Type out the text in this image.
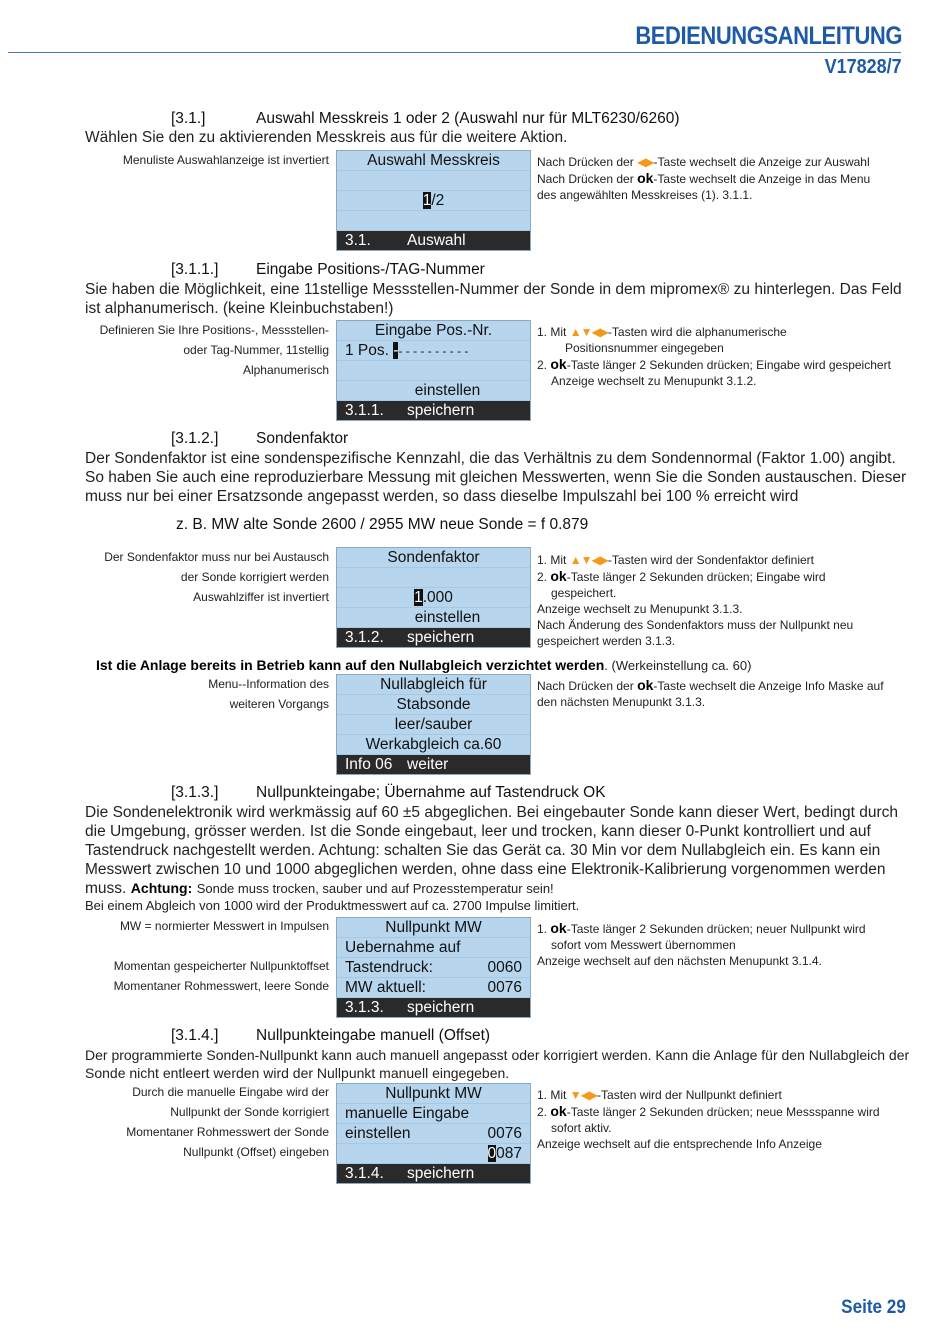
BEDIENUNGSANLEITUNG
V17828/7
[3.1.]	Auswahl Messkreis 1 oder 2 (Auswahl nur für MLT6230/6260)
Wählen Sie den zu aktivierenden Messkreis aus für die weitere Aktion.
Menuliste Auswahlanzeige ist invertiert	Auswahl Messkreis
1/2
3.1. Auswahl
Nach Drücken der ◀▶-Taste wechselt die Anzeige zur Auswahl
Nach Drücken der ok-Taste wechselt die Anzeige in das Menu
des angewählten Messkreises (1). 3.1.1.
[3.1.1.] Eingabe Positions-/TAG-Nummer
Sie haben die Möglichkeit, eine 11stellige Messstellen-Nummer der Sonde in dem mipromex® zu hinterlegen. Das Feld ist alphanumerisch. (keine Kleinbuchstaben!)
Definieren Sie Ihre Positions-, Messstellen-
oder Tag-Nummer, 11stellig
Alphanumerisch
Eingabe Pos.-Nr.
1 Pos. -- - - - - - - - - -
einstellen
3.1.1. speichern
1. Mit ▲▼◀▶-Tasten wird die alphanumerische
Positionsnummer eingegeben
2. ok-Taste länger 2 Sekunden drücken; Eingabe wird gespeichert
Anzeige wechselt zu Menupunkt 3.1.2.
[3.1.2.] Sondenfaktor
Der Sondenfaktor ist eine sondenspezifische Kennzahl, die das Verhältnis zu dem Sondennormal (Faktor 1.00) angibt. So haben Sie auch eine reproduzierbare Messung mit gleichen Messwerten, wenn Sie die Sonden austauschen. Dieser muss nur bei einer Ersatzsonde angepasst werden, so dass dieselbe Impulszahl bei 100 % erreicht wird
z. B. MW alte Sonde 2600 / 2955 MW neue Sonde = f 0.879
Der Sondenfaktor muss nur bei Austausch
der Sonde korrigiert werden
Auswahlziffer ist invertiert
Sondenfaktor
1.000
einstellen
3.1.2. speichern
1. Mit ▲▼◀▶-Tasten wird der Sondenfaktor definiert
2. ok-Taste länger 2 Sekunden drücken; Eingabe wird
gespeichert.
Anzeige wechselt zu Menupunkt 3.1.3.
Nach Änderung des Sondenfaktors muss der Nullpunkt neu
gespeichert werden 3.1.3.
Ist die Anlage bereits in Betrieb kann auf den Nullabgleich verzichtet werden. (Werkeinstellung ca. 60)
Menu--Information des
weiteren Vorgangs
Nullabgleich für
Stabsonde
leer/sauber
Werkabgleich ca.60
Info 06 weiter
Nach Drücken der ok-Taste wechselt die Anzeige Info Maske auf
den nächsten Menupunkt 3.1.3.
[3.1.3.] Nullpunkteingabe; Übernahme auf Tastendruck OK
Die Sondenelektronik wird werkmässig auf 60 ±5 abgeglichen. Bei eingebauter Sonde kann dieser Wert, bedingt durch die Umgebung, grösser werden. Ist die Sonde eingebaut, leer und trocken, kann dieser 0-Punkt kontrolliert und auf Tastendruck nachgestellt werden. Achtung: schalten Sie das Gerät ca. 30 Min vor dem Nullabgleich ein. Es kann ein Messwert zwischen 10 und 1000 abgeglichen werden, ohne dass eine Elektronik-Kalibrierung vorgenommen werden muss. Achtung: Sonde muss trocken, sauber und auf Prozesstemperatur sein!
Bei einem Abgleich von 1000 wird der Produktmesswert auf ca. 2700 Impulse limitiert.
MW = normierter Messwert in Impulsen
Momentan gespeicherter Nullpunktoffset
Momentaner Rohmesswert, leere Sonde
Nullpunkt MW
Uebernahme auf
Tastendruck:	0060
MW aktuell:	0076
3.1.3. speichern
1. ok-Taste länger 2 Sekunden drücken; neuer Nullpunkt wird
sofort vom Messwert übernommen
Anzeige wechselt auf den nächsten Menupunkt 3.1.4.
[3.1.4.] Nullpunkteingabe manuell (Offset)
Der programmierte Sonden-Nullpunkt kann auch manuell angepasst oder korrigiert werden. Kann die Anlage für den Nullabgleich der Sonde nicht entleert werden wird der Nullpunkt manuell eingegeben.
Durch die manuelle Eingabe wird der
Nullpunkt der Sonde korrigiert
Momentaner Rohmesswert der Sonde
Nullpunkt (Offset) eingeben
Nullpunkt MW
manuelle Eingabe
einstellen	0076
0087
3.1.4. speichern
1. Mit ▼◀▶-Tasten wird der Nullpunkt definiert
2. ok-Taste länger 2 Sekunden drücken; neue Messspanne wird
sofort aktiv.
Anzeige wechselt auf die entsprechende Info Anzeige
Seite 29
